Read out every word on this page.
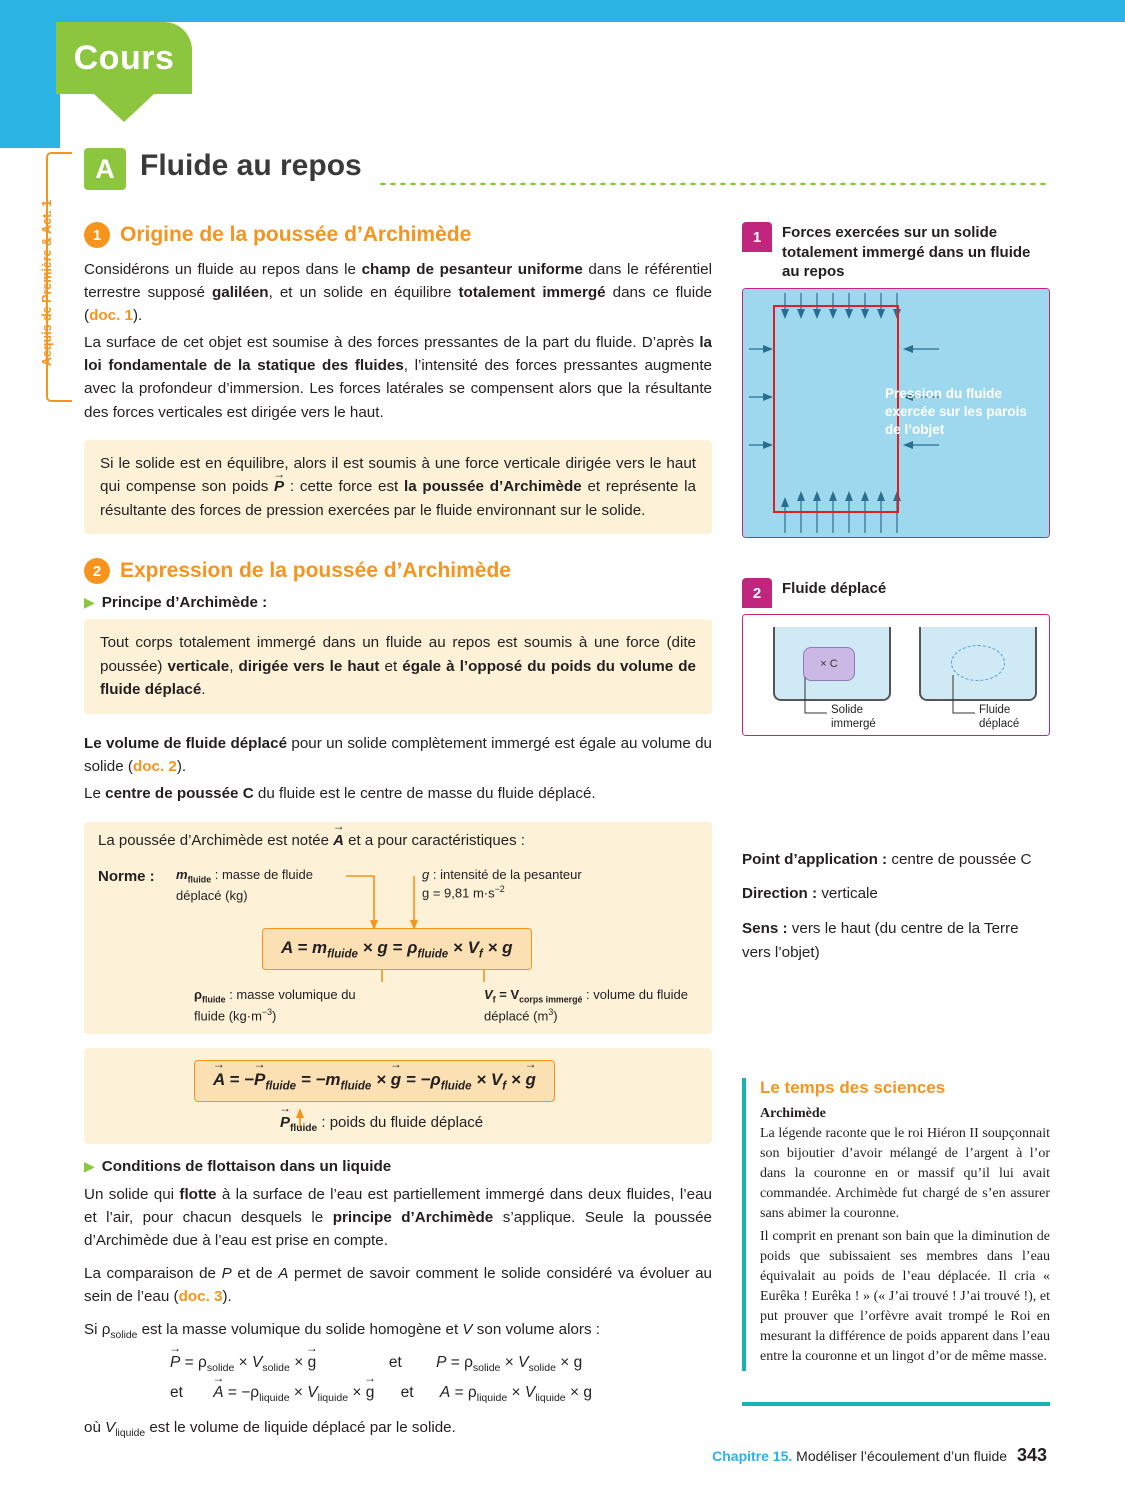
Cours
Acquis de Première & Act. 1
A Fluide au repos
1 Origine de la poussée d’Archimède

Considérons un fluide au repos dans le champ de pesanteur uniforme dans le référentiel terrestre supposé galiléen, et un solide en équilibre totalement immergé dans ce fluide (doc. 1).

La surface de cet objet est soumise à des forces pressantes de la part du fluide. D’après la loi fondamentale de la statique des fluides, l’intensité des forces pressantes augmente avec la profondeur d’immersion. Les forces latérales se compensent alors que la résultante des forces verticales est dirigée vers le haut.

Si le solide est en équilibre, alors il est soumis à une force verticale dirigée vers le haut qui compense son poids → P : cette force est la poussée d’Archimède et représente la résultante des forces de pression exercées par le fluide environnant sur le solide.
2 Expression de la poussée d’Archimède
▶ Principe d’Archimède :
Tout corps totalement immergé dans un fluide au repos est soumis à une force (dite poussée) verticale, dirigée vers le haut et égale à l’opposé du poids du volume de fluide déplacé.

Le volume de fluide déplacé pour un solide complètement immergé est égale au volume du solide (doc. 2).

Le centre de poussée C du fluide est le centre de masse du fluide déplacé.

La poussée d’Archimède est notée → A et a pour caractéristiques :
Norme : $m_{fluide}$ : masse de fluide déplacé (kg)
g : intensité de la pesanteur
g = 9,81 $m\cdot s^{-2}$
$A = m_{fluide} \times g = \rho_{fluide} \times V_f \times g$
$\rho_{fluide}$ : masse volumique du fluide $(kg\cdot m^{-3})$
$V_f = V_{corps immergé}$ : volume du fluide déplacé $(m^3)$
→ A = −→ $P_{fluide} = -m_{fluide}$ × → $g = -\rho_{fluide} \times V_f$ × → g
→ $P_{fluide}$ : poids du fluide déplacé
▶ Conditions de flottaison dans un liquide

Un solide qui flotte à la surface de l’eau est partiellement immergé dans deux fluides, l’eau et l’air, pour chacun desquels le principe d’Archimède s’applique. Seule la poussée d’Archimède due à l’eau est prise en compte.

La comparaison de P et de A permet de savoir comment le solide considéré va évoluer au sein de l’eau (doc. 3).

Si $\rho_{solide}$ est la masse volumique du solide homogène et V son volume alors :

→ $P = \rho_{solide} \times V_{solide}$ × → g	et $P = \rho_{solide} \times V_{solide} \times g$
et → $A = -\rho_{liquide} \times V_{liquide}$ × → g et $A = \rho_{liquide} \times V_{liquide} \times g$

où $V_{liquide}$ est le volume de liquide déplacé par le solide.

1	Forces exercées sur un solide totalement immergé dans un fluide au repos
Pression du fluide exercée sur les parois de l’objet
2	Fluide déplacé
× C
Solide immergé
Fluide déplacé
Point d’application : centre de poussée C
Direction : verticale
Sens : vers le haut (du centre de la Terre vers l’objet)
Le temps des sciences
Archimède

La légende raconte que le roi Hiéron II soupçonnait son bijoutier d’avoir mélangé de l’argent à l’or dans la couronne en or massif qu’il lui avait commandée. Archimède fut chargé de s’en assurer sans abimer la couronne.

Il comprit en prenant son bain que la diminution de poids que subissaient ses membres dans l’eau équivalait au poids de l’eau déplacée. Il cria « Eurêka ! Eurêka ! » (« J’ai trouvé ! J’ai trouvé !), et put prouver que l’orfèvre avait trompé le Roi en mesurant la différence de poids apparent dans l’eau entre la couronne et un lingot d’or de même masse.

Chapitre 15. Modéliser l’écoulement d’un fluide 343
